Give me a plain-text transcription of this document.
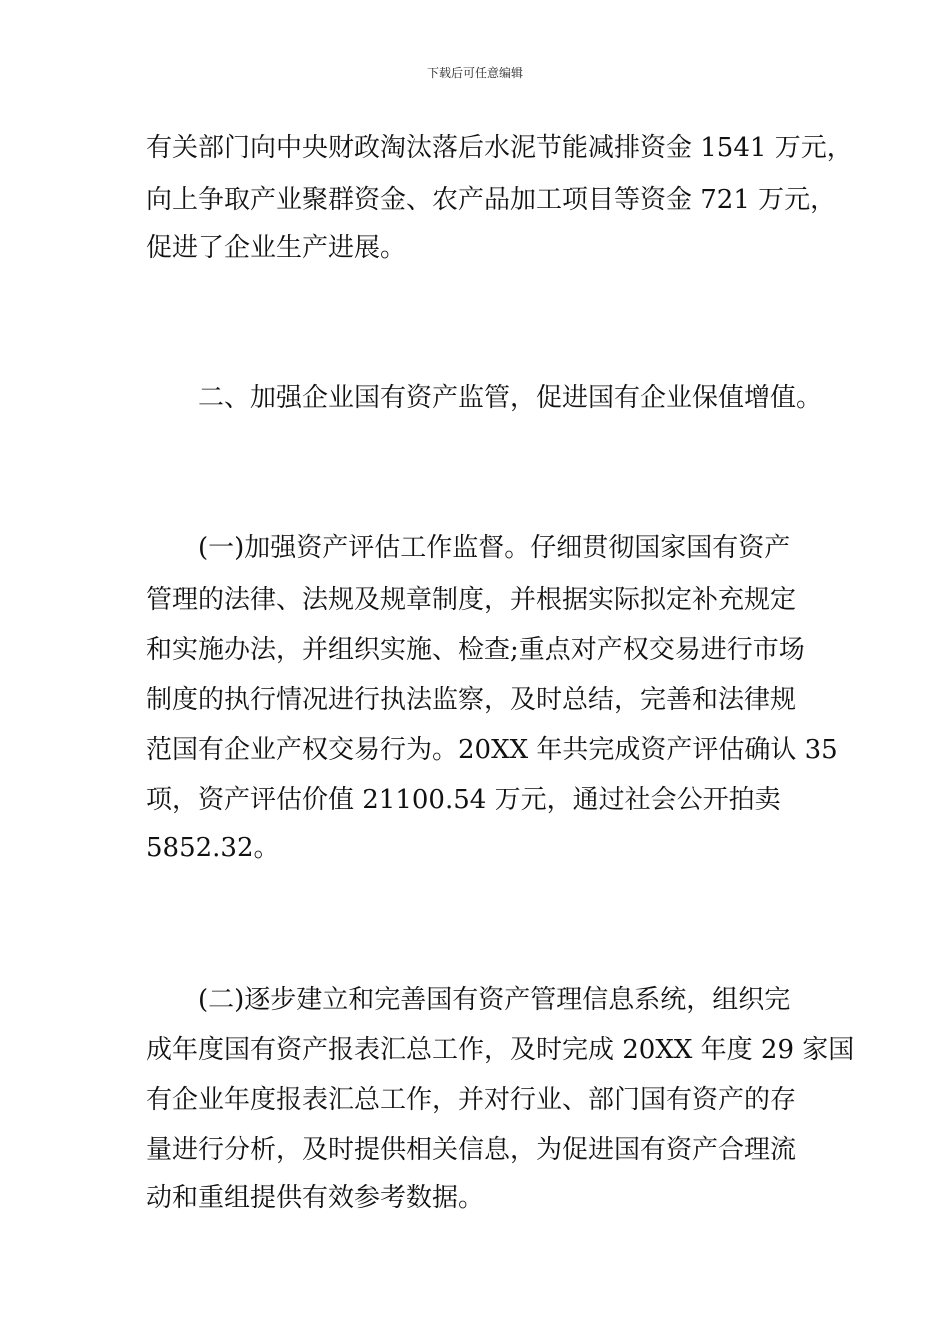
下载后可任意编辑
有关部门向中央财政淘汰落后水泥节能减排资金 1541 万元，
向上争取产业聚群资金、农产品加工项目等资金 721 万元，
促进了企业生产进展。
二、加强企业国有资产监管，促进国有企业保值增值。
(一)加强资产评估工作监督。仔细贯彻国家国有资产
管理的法律、法规及规章制度，并根据实际拟定补充规定
和实施办法，并组织实施、检查;重点对产权交易进行市场
制度的执行情况进行执法监察，及时总结，完善和法律规
范国有企业产权交易行为。20XX 年共完成资产评估确认 35
项，资产评估价值 21100.54 万元，通过社会公开拍卖
5852.32。
(二)逐步建立和完善国有资产管理信息系统，组织完
成年度国有资产报表汇总工作，及时完成 20XX 年度 29 家国
有企业年度报表汇总工作，并对行业、部门国有资产的存
量进行分析，及时提供相关信息，为促进国有资产合理流
动和重组提供有效参考数据。
